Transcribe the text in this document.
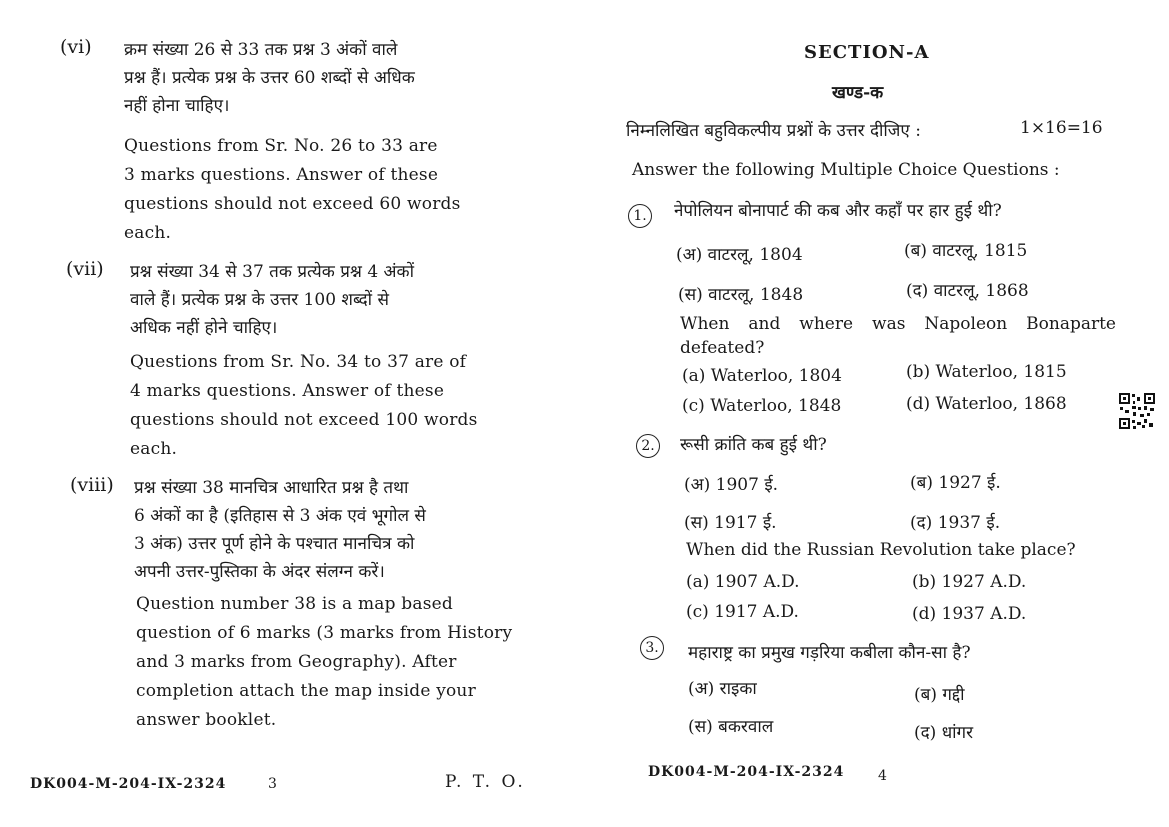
(vi) क्रम संख्या 26 से 33 तक प्रश्न 3 अंकों वाले
प्रश्न हैं। प्रत्येक प्रश्न के उत्तर 60 शब्दों से अधिक
नहीं होना चाहिए।
Questions from Sr. No. 26 to 33 are
3 marks questions. Answer of these
questions should not exceed 60 words
each.
(vii) प्रश्न संख्या 34 से 37 तक प्रत्येक प्रश्न 4 अंकों
वाले हैं। प्रत्येक प्रश्न के उत्तर 100 शब्दों से
अधिक नहीं होने चाहिए।
Questions from Sr. No. 34 to 37 are of
4 marks questions. Answer of these
questions should not exceed 100 words
each.
(viii) प्रश्न संख्या 38 मानचित्र आधारित प्रश्न है तथा
6 अंकों का है (इतिहास से 3 अंक एवं भूगोल से
3 अंक) उत्तर पूर्ण होने के पश्चात मानचित्र को
अपनी उत्तर-पुस्तिका के अंदर संलग्न करें।
Question number 38 is a map based
question of 6 marks (3 marks from History
and 3 marks from Geography). After
completion attach the map inside your
answer booklet.
DK004-M-204-IX-2324	3	P. T. O.
SECTION-A
खण्ड-क
निम्नलिखित बहुविकल्पीय प्रश्नों के उत्तर दीजिए :	1×16=16
Answer the following Multiple Choice Questions :
1.	नेपोलियन बोनापार्ट की कब और कहाँ पर हार हुई थी?
(अ) वाटरलू, 1804	(ब) वाटरलू, 1815
(स) वाटरलू, 1848	(द) वाटरलू, 1868
When and where was Napoleon Bonaparte
defeated?
(a) Waterloo, 1804	(b) Waterloo, 1815
(c) Waterloo, 1848	(d) Waterloo, 1868
2.	रूसी क्रांति कब हुई थी?
(अ) 1907 ई.	(ब) 1927 ई.
(स) 1917 ई.	(द) 1937 ई.
When did the Russian Revolution take place?
(a) 1907 A.D.	(b) 1927 A.D.
(c) 1917 A.D.	(d) 1937 A.D.
3.	महाराष्ट्र का प्रमुख गड़रिया कबीला कौन-सा है?
(अ) राइका	(ब) गद्दी
(स) बकरवाल	(द) धांगर
DK004-M-204-IX-2324 4
